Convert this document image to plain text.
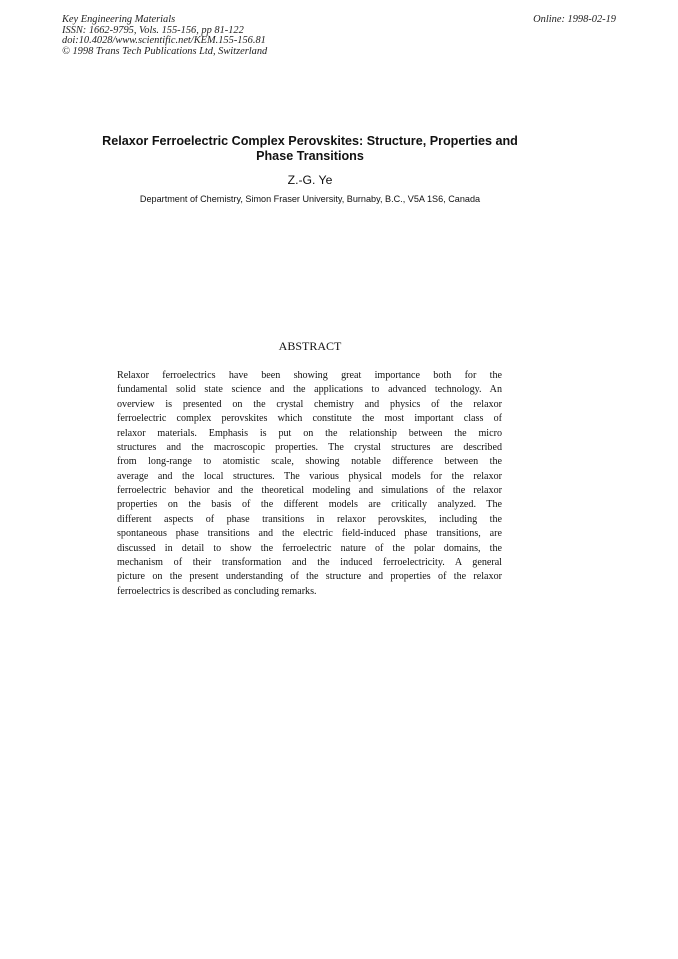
Key Engineering Materials
ISSN: 1662-9795, Vols. 155-156, pp 81-122
doi:10.4028/www.scientific.net/KEM.155-156.81
© 1998 Trans Tech Publications Ltd, Switzerland
Online: 1998-02-19
Relaxor Ferroelectric Complex Perovskites: Structure, Properties and Phase Transitions
Z.-G. Ye
Department of Chemistry, Simon Fraser University, Burnaby, B.C., V5A 1S6, Canada
ABSTRACT
Relaxor ferroelectrics have been showing great importance both for the
fundamental solid state science and the applications to advanced technology. An
overview is presented on the crystal chemistry and physics of the relaxor
ferroelectric complex perovskites which constitute the most important class of
relaxor materials. Emphasis is put on the relationship between the micro
structures and the macroscopic properties. The crystal structures are described
from long-range to atomistic scale, showing notable difference between the
average and the local structures. The various physical models for the relaxor
ferroelectric behavior and the theoretical modeling and simulations of the relaxor
properties on the basis of the different models are critically analyzed. The
different aspects of phase transitions in relaxor perovskites, including the
spontaneous phase transitions and the electric field-induced phase transitions, are
discussed in detail to show the ferroelectric nature of the polar domains, the
mechanism of their transformation and the induced ferroelectricity. A general
picture on the present understanding of the structure and properties of the relaxor
ferroelectrics is described as concluding remarks.
